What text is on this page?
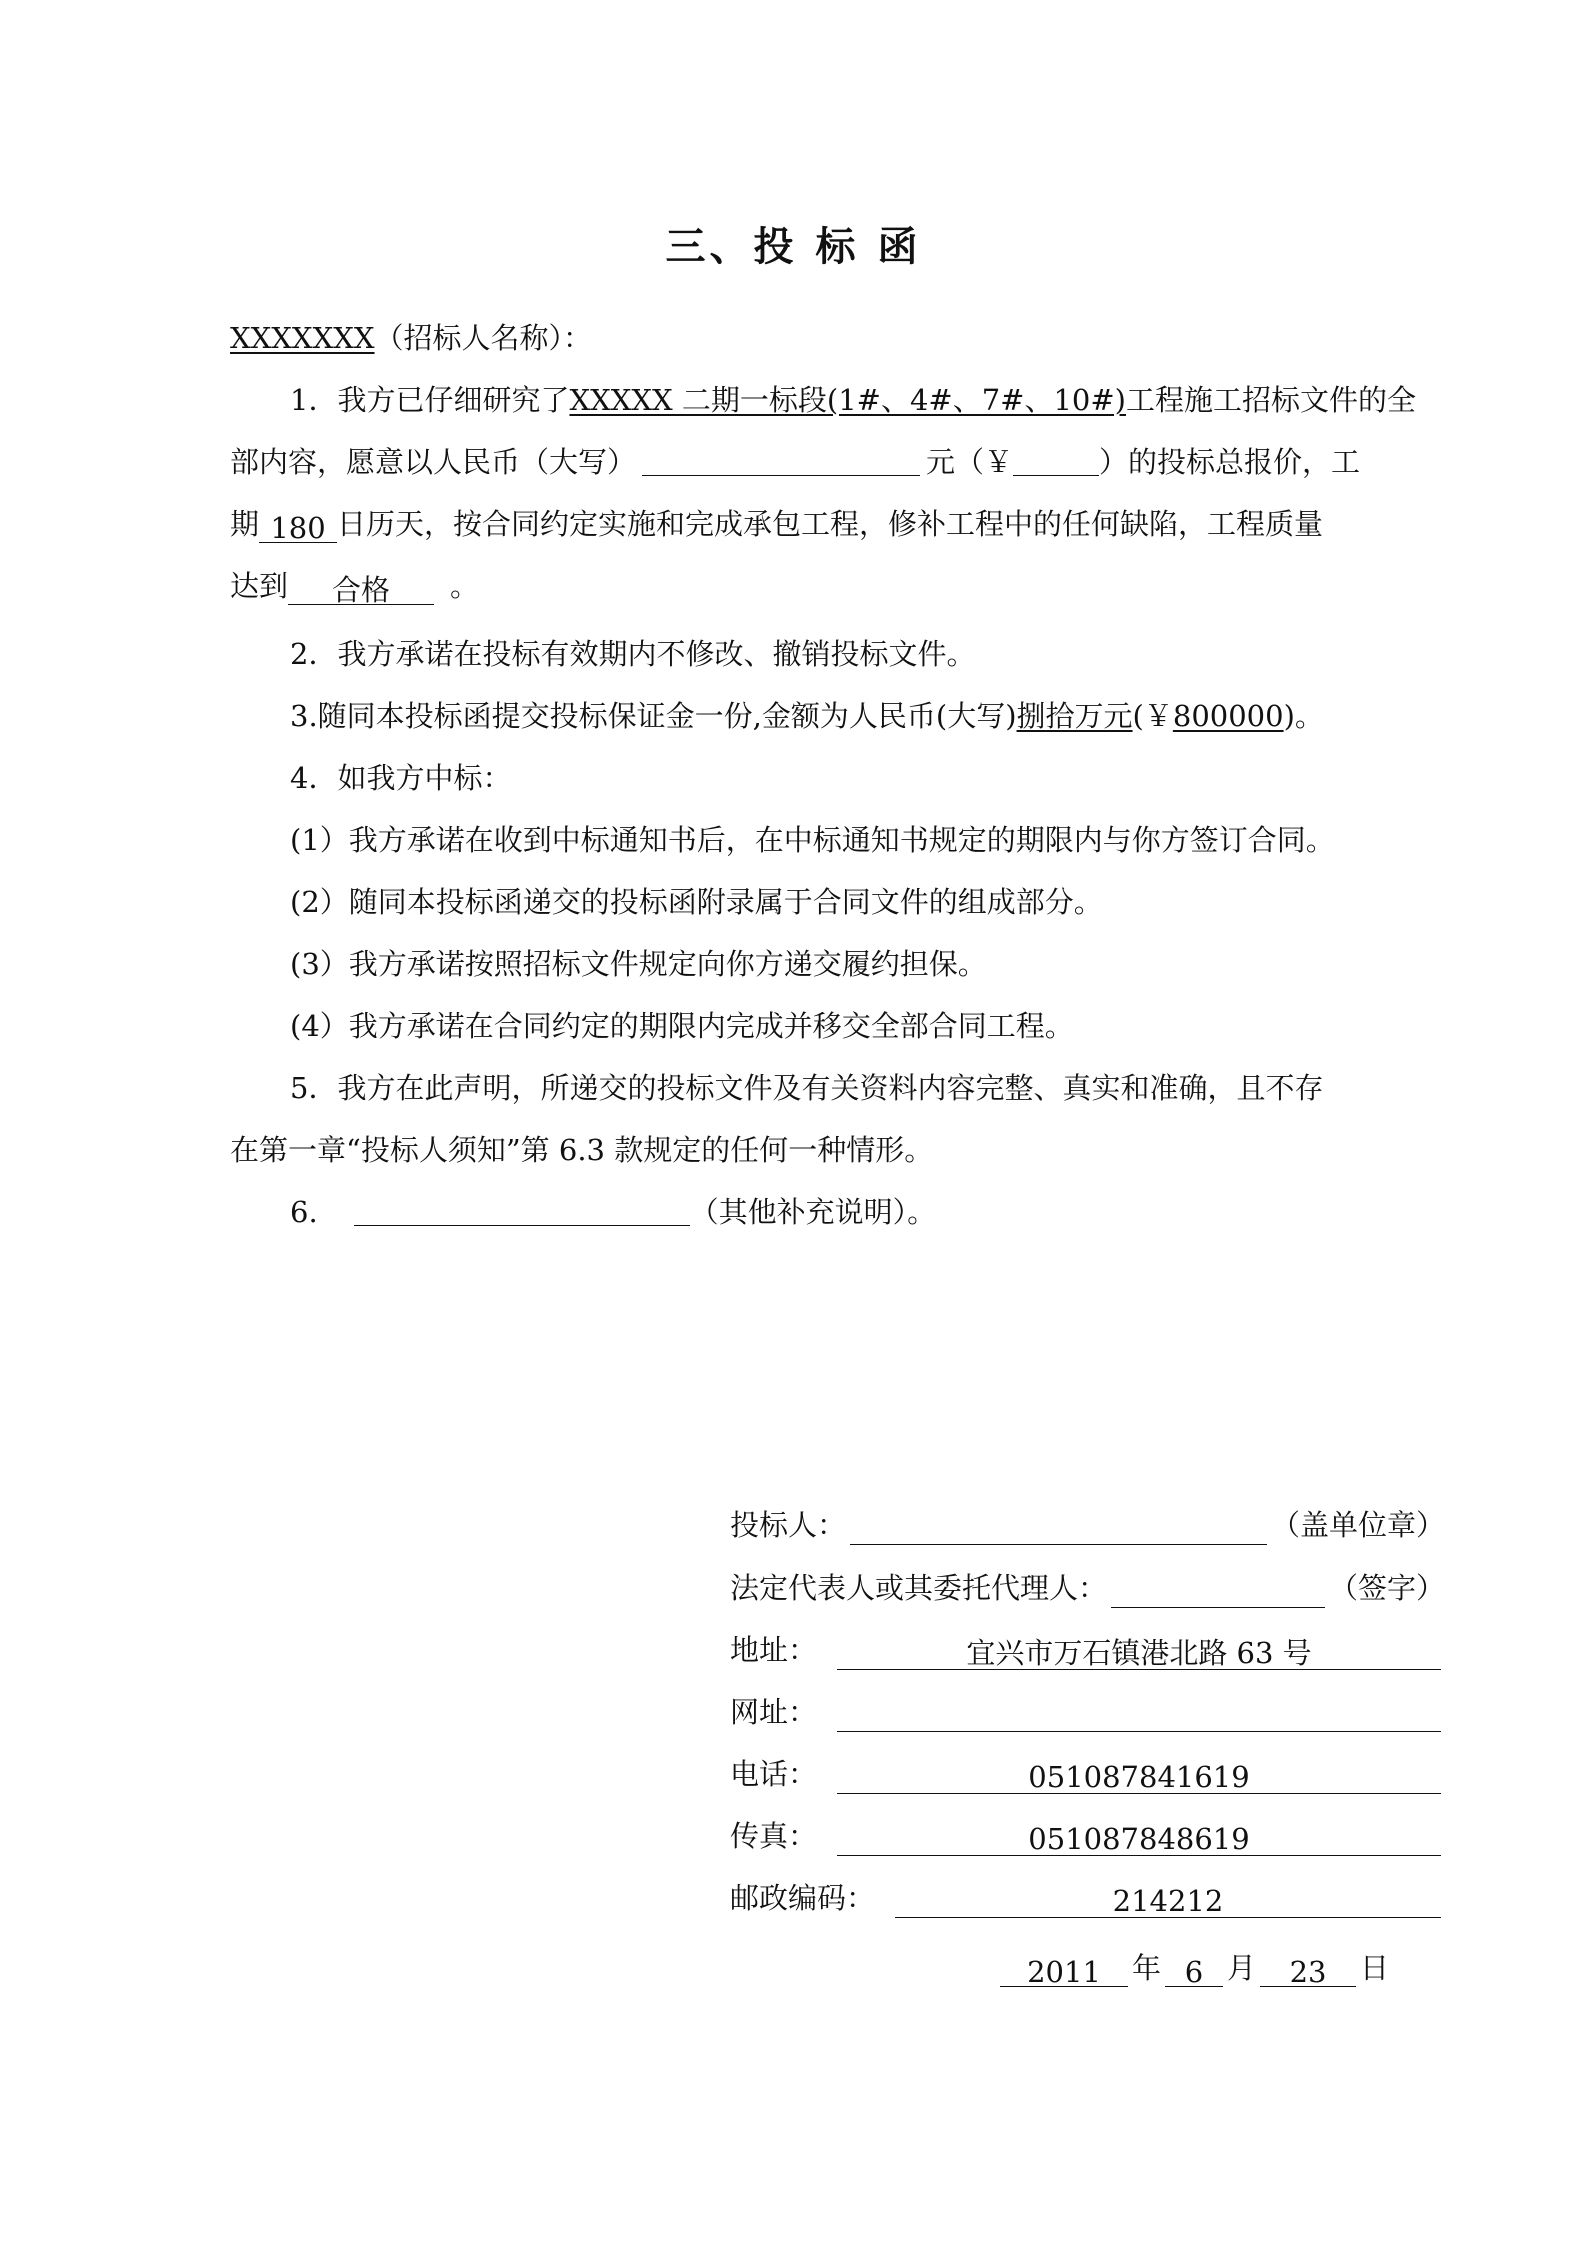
三、投 标 函
XXXXXXX（招标人名称）：
1．我方已仔细研究了XXXXX 二期一标段(1#、4#、7#、10#)工程施工招标文件的全
部内容，愿意以人民币（大写）	元（￥	）的投标总报价，工
期 180 日历天，按合同约定实施和完成承包工程，修补工程中的任何缺陷，工程质量
达到 合格 。
2．我方承诺在投标有效期内不修改、撤销投标文件。
3.随同本投标函提交投标保证金一份,金额为人民币(大写)捌拾万元(￥800000)。
4．如我方中标：
(1）我方承诺在收到中标通知书后，在中标通知书规定的期限内与你方签订合同。
(2）随同本投标函递交的投标函附录属于合同文件的组成部分。
(3）我方承诺按照招标文件规定向你方递交履约担保。
(4）我方承诺在合同约定的期限内完成并移交全部合同工程。
5．我方在此声明，所递交的投标文件及有关资料内容完整、真实和准确，且不存
在第一章“投标人须知”第 6.3 款规定的任何一种情形。
6.	（其他补充说明）。
投标人：	（盖单位章）
法定代表人或其委托代理人：	（签字）
地址：	宜兴市万石镇港北路 63 号
网址：
电话：	051087841619
传真：	051087848619
邮政编码：	214212
2011 年 6 月 23 日
